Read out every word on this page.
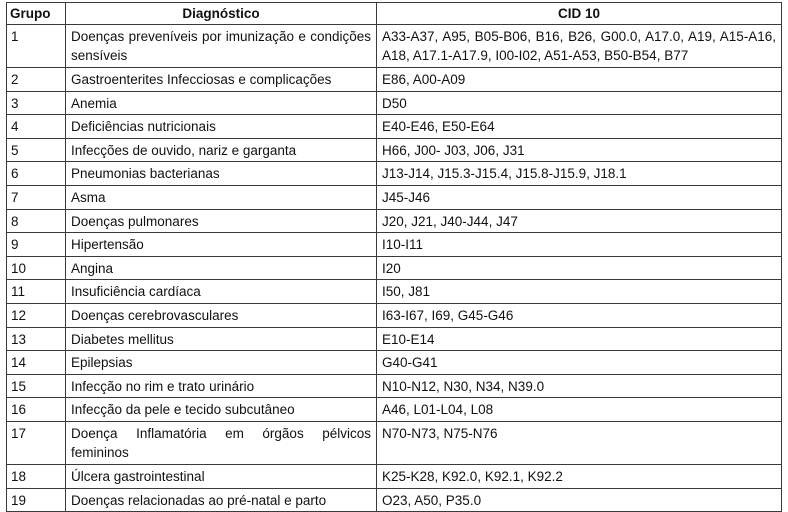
Grupo	Diagnóstico	CID 10
1	Doenças preveníveis por imunização e condições sensíveis	A33-A37, A95, B05-B06, B16, B26, G00.0, A17.0, A19, A15-A16, A18, A17.1-A17.9, I00-I02, A51-A53, B50-B54, B77
2	Gastroenterites Infecciosas e complicações	E86, A00-A09
3	Anemia	D50
4	Deficiências nutricionais	E40-E46, E50-E64
5	Infecções de ouvido, nariz e garganta	H66, J00- J03, J06, J31
6	Pneumonias bacterianas	J13-J14, J15.3-J15.4, J15.8-J15.9, J18.1
7	Asma	J45-J46
8	Doenças pulmonares	J20, J21, J40-J44, J47
9	Hipertensão	I10-I11
10	Angina	I20
11	Insuficiência cardíaca	I50, J81
12	Doenças cerebrovasculares	I63-I67, I69, G45-G46
13	Diabetes mellitus	E10-E14
14	Epilepsias	G40-G41
15	Infecção no rim e trato urinário	N10-N12, N30, N34, N39.0
16	Infecção da pele e tecido subcutâneo	A46, L01-L04, L08
17	Doença Inflamatória em órgãos pélvicos femininos	N70-N73, N75-N76
18	Úlcera gastrointestinal	K25-K28, K92.0, K92.1, K92.2
19	Doenças relacionadas ao pré-natal e parto	O23, A50, P35.0
